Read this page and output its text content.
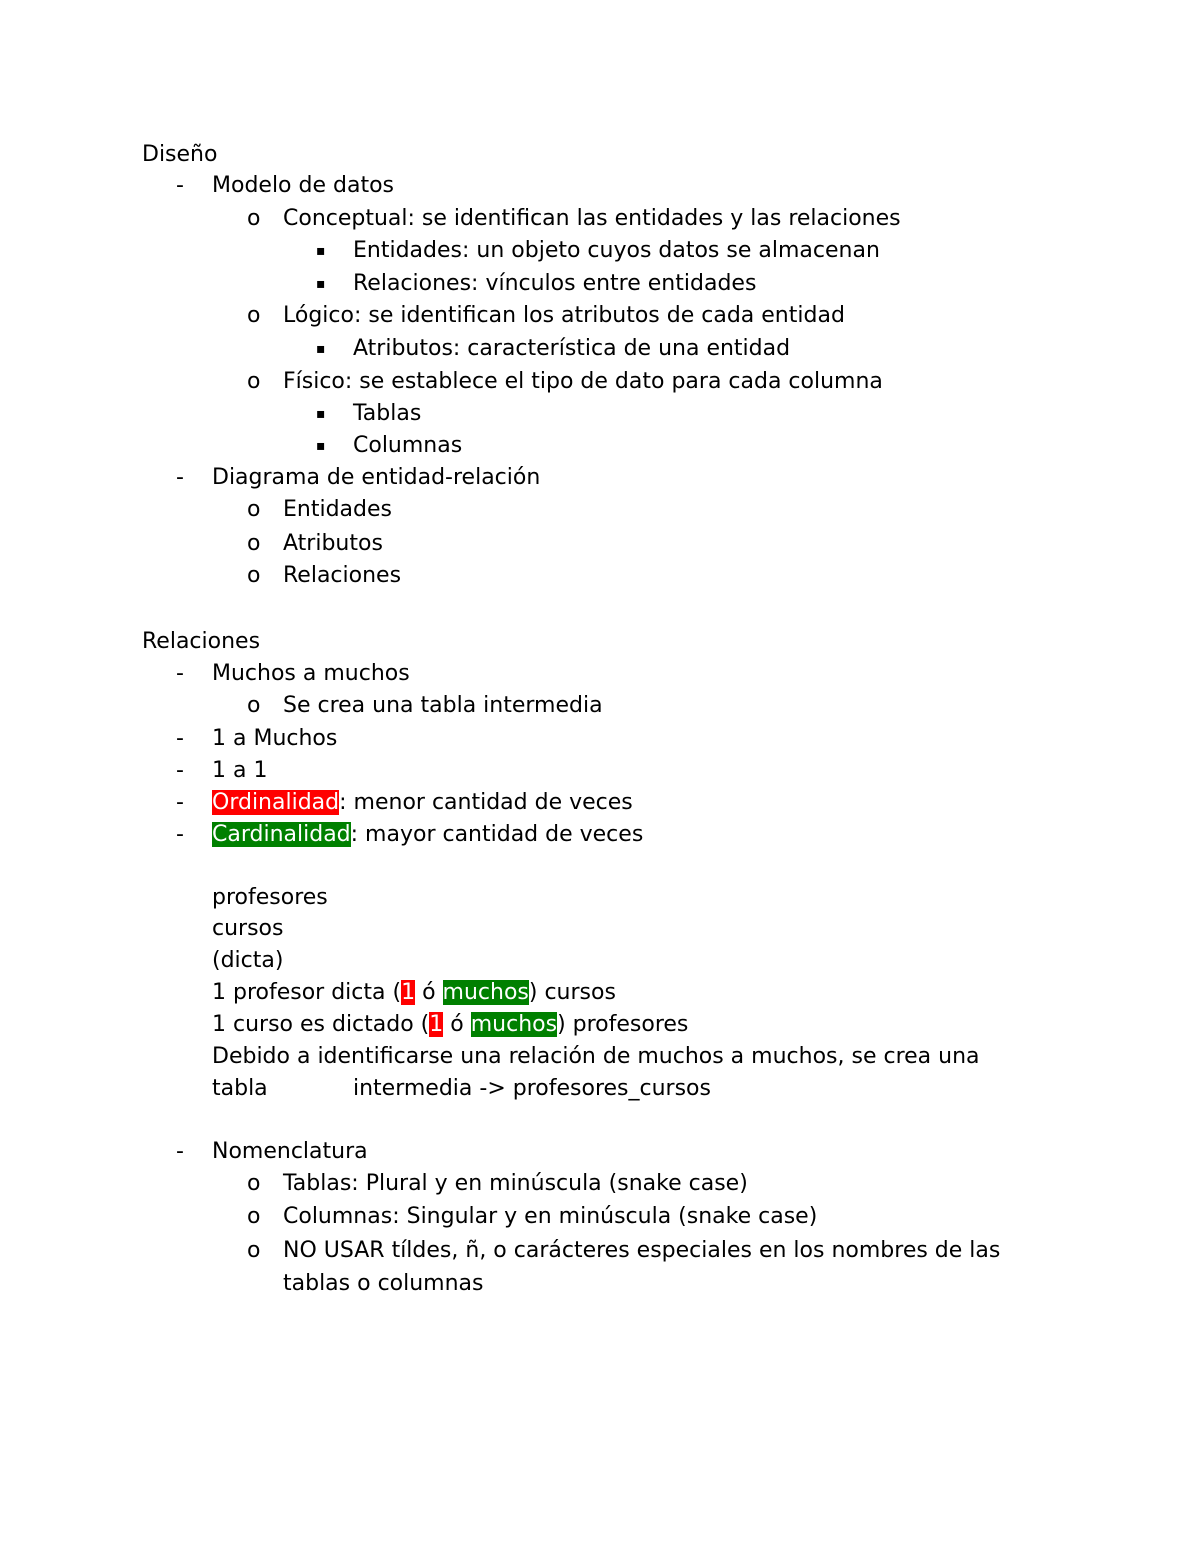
Diseño
- Modelo de datos
o Conceptual: se identifican las entidades y las relaciones
▪ Entidades: un objeto cuyos datos se almacenan
▪ Relaciones: vínculos entre entidades
o Lógico: se identifican los atributos de cada entidad
▪ Atributos: característica de una entidad
o Físico: se establece el tipo de dato para cada columna
▪ Tablas
▪ Columnas
- Diagrama de entidad-relación
o Entidades
o Atributos
o Relaciones
Relaciones
- Muchos a muchos
o Se crea una tabla intermedia
- 1 a Muchos
- 1 a 1
- Ordinalidad: menor cantidad de veces
- Cardinalidad: mayor cantidad de veces
profesores
cursos
(dicta)
1 profesor dicta (1 ó muchos) cursos
1 curso es dictado (1 ó muchos) profesores
Debido a identificarse una relación de muchos a muchos, se crea una
tabla	intermedia -> profesores_cursos
- Nomenclatura
o Tablas: Plural y en minúscula (snake case)
o Columnas: Singular y en minúscula (snake case)
o NO USAR tíldes, ñ, o carácteres especiales en los nombres de las
tablas o columnas
